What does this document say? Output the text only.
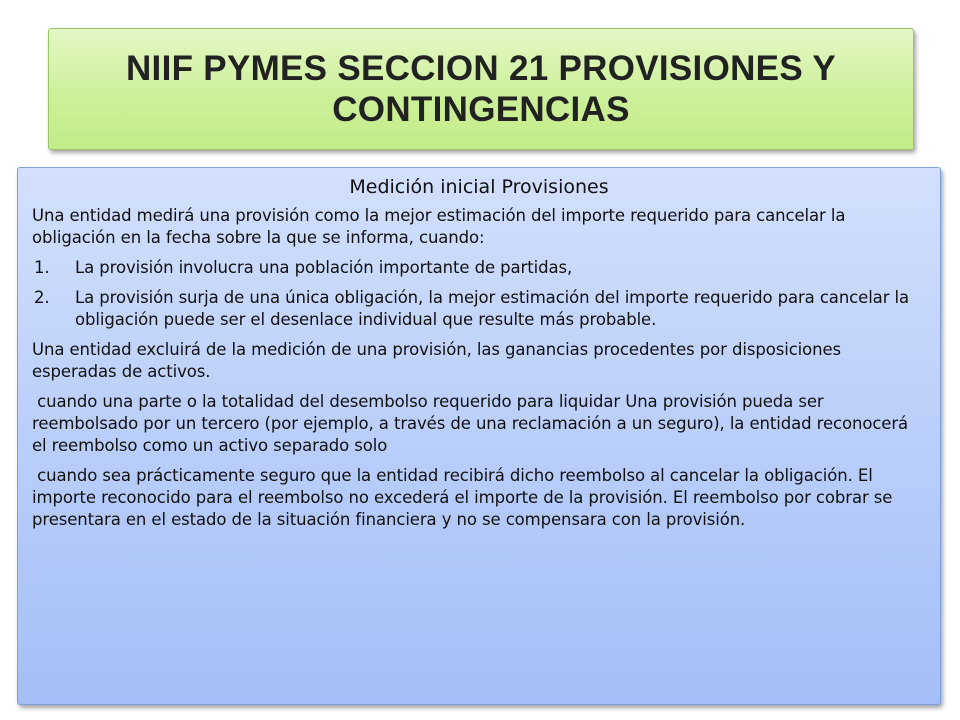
NIIF PYMES SECCION 21 PROVISIONES Y CONTINGENCIAS
Medición inicial Provisiones

Una entidad medirá una provisión como la mejor estimación del importe requerido para cancelar la obligación en la fecha sobre la que se informa, cuando:

1.	La provisión involucra una población importante de partidas,
2.	La provisión surja de una única obligación, la mejor estimación del importe requerido para cancelar la obligación puede ser el desenlace individual que resulte más probable.

Una entidad excluirá de la medición de una provisión, las ganancias procedentes por disposiciones esperadas de activos.

cuando una parte o la totalidad del desembolso requerido para liquidar Una provisión pueda ser reembolsado por un tercero (por ejemplo, a través de una reclamación a un seguro), la entidad reconocerá el reembolso como un activo separado solo

cuando sea prácticamente seguro que la entidad recibirá dicho reembolso al cancelar la obligación. El importe reconocido para el reembolso no excederá el importe de la provisión. El reembolso por cobrar se presentara en el estado de la situación financiera y no se compensara con la provisión.
